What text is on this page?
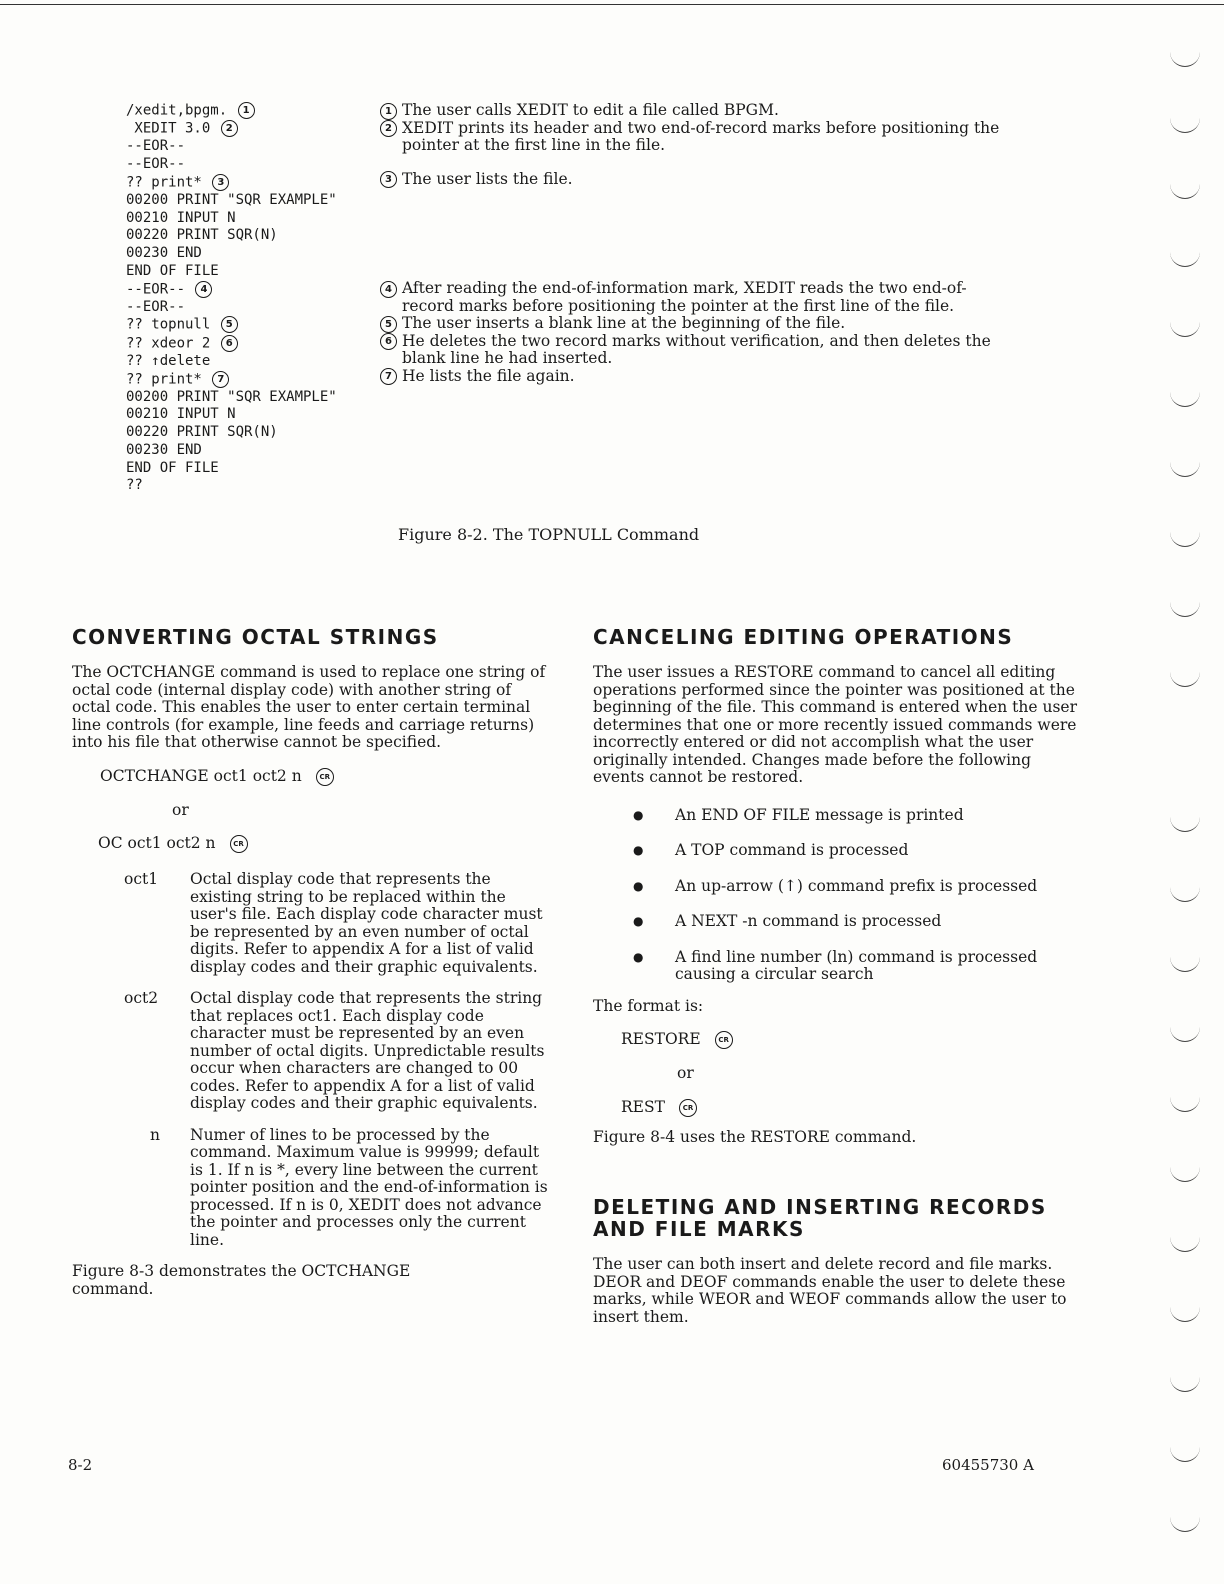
/xedit,bpgm. 1
XEDIT 3.0 2
--EOR--
--EOR--
?? print* 3
00200 PRINT "SQR EXAMPLE"
00210 INPUT N
00220 PRINT SQR(N)
00230 END
END OF FILE
--EOR-- 4
--EOR--
?? topnull 5
?? xdeor 2 6
?? ↑delete
?? print* 7
00200 PRINT "SQR EXAMPLE"
00210 INPUT N
00220 PRINT SQR(N)
00230 END
END OF FILE
??
1 The user calls XEDIT to edit a file called BPGM.
2 XEDIT prints its header and two end-of-record marks before positioning the pointer at the first line in the file.
3 The user lists the file.
4 After reading the end-of-information mark, XEDIT reads the two end-of-record marks before positioning the pointer at the first line of the file.
5 The user inserts a blank line at the beginning of the file.
6 He deletes the two record marks without verification, and then deletes the blank line he had inserted.
7 He lists the file again.
Figure 8-2. The TOPNULL Command
CONVERTING OCTAL STRINGS

The OCTCHANGE command is used to replace one string of octal code (internal display code) with another string of octal code. This enables the user to enter certain terminal line controls (for example, line feeds and carriage returns) into his file that otherwise cannot be specified.

OCTCHANGE oct1 oct2 n	CR
or
OC oct1 oct2 n	CR
oct1	Octal display code that represents the existing string to be replaced within the user's file. Each display code character must be represented by an even number of octal digits. Refer to appendix A for a list of valid display codes and their graphic equivalents.
oct2	Octal display code that represents the string that replaces oct1. Each display code character must be represented by an even number of octal digits. Unpredictable results occur when characters are changed to 00 codes. Refer to appendix A for a list of valid display codes and their graphic equivalents.
n	Numer of lines to be processed by the command. Maximum value is 99999; default is 1. If n is *, every line between the current pointer position and the end-of-information is processed. If n is 0, XEDIT does not advance the pointer and processes only the current line.

Figure 8-3 demonstrates the OCTCHANGE command.

CANCELING EDITING OPERATIONS

The user issues a RESTORE command to cancel all editing operations performed since the pointer was positioned at the beginning of the file. This command is entered when the user determines that one or more recently issued commands were incorrectly entered or did not accomplish what the user originally intended. Changes made before the following events cannot be restored.

●	An END OF FILE message is printed
●	A TOP command is processed
●	An up-arrow (↑) command prefix is processed
●	A NEXT -n command is processed
●	A find line number (ln) command is processed causing a circular search

The format is:

RESTORE	CR
or
REST	CR

Figure 8-4 uses the RESTORE command.

DELETING AND INSERTING RECORDS AND FILE MARKS

The user can both insert and delete record and file marks. DEOR and DEOF commands enable the user to delete these marks, while WEOR and WEOF commands allow the user to insert them.

8-2	60455730 A
